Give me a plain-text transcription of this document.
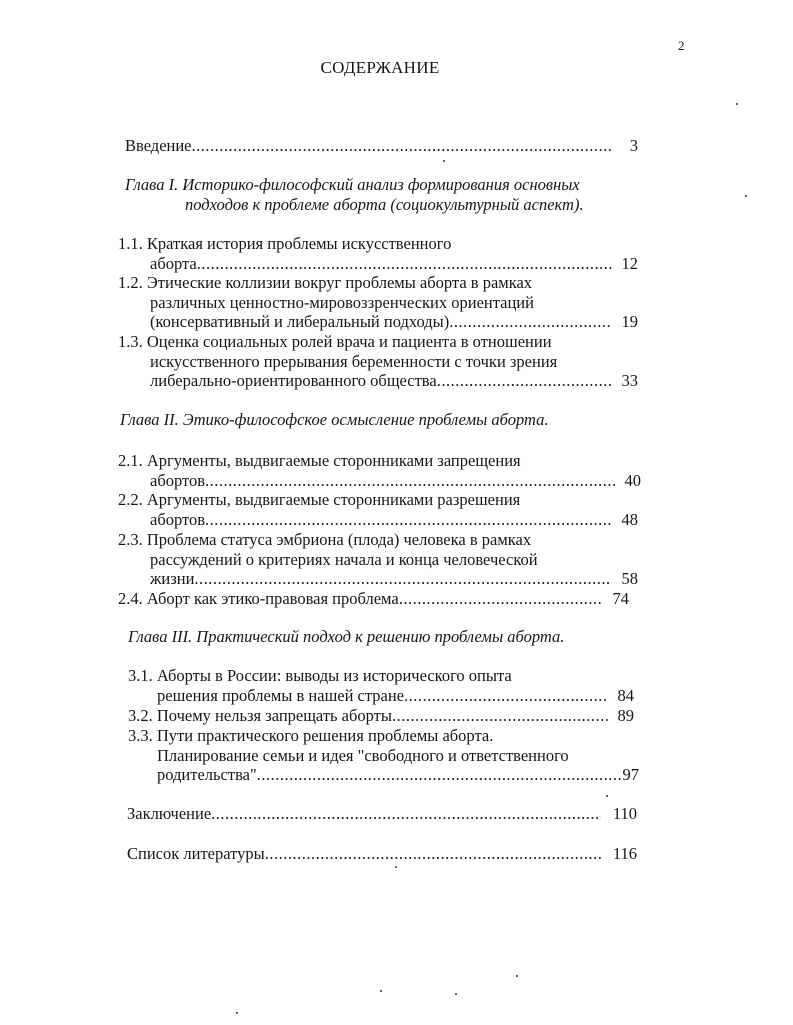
2
СОДЕРЖАНИЕ
Введение .....	3
Глава I. Историко-философский анализ формирования основных
подходов к проблеме аборта (социокультурный аспект).
1.1. Краткая история проблемы искусственного
аборта .....	12
1.2. Этические коллизии вокруг проблемы аборта в рамках
различных ценностно-мировоззренческих ориентаций
(консервативный и либеральный подходы) .....	19
1.3. Оценка социальных ролей врача и пациента в отношении
искусственного прерывания беременности с точки зрения
либерально-ориентированного общества .....	33
Глава II. Этико-философское осмысление проблемы аборта.
2.1. Аргументы, выдвигаемые сторонниками запрещения
абортов .....	40
2.2. Аргументы, выдвигаемые сторонниками разрешения
абортов .....	48
2.3. Проблема статуса эмбриона (плода) человека в рамках
рассуждений о критериях начала и конца человеческой
жизни .....	58
2.4. Аборт как этико-правовая проблема .....	74
Глава III. Практический подход к решению проблемы аборта.
3.1. Аборты в России: выводы из исторического опыта
решения проблемы в нашей стране .....	84
3.2. Почему нельзя запрещать аборты .....	89
3.3. Пути практического решения проблемы аборта.
Планирование семьи и идея "свободного и ответственного
родительства" .....	97
Заключение .....	110
Список литературы .....	116
